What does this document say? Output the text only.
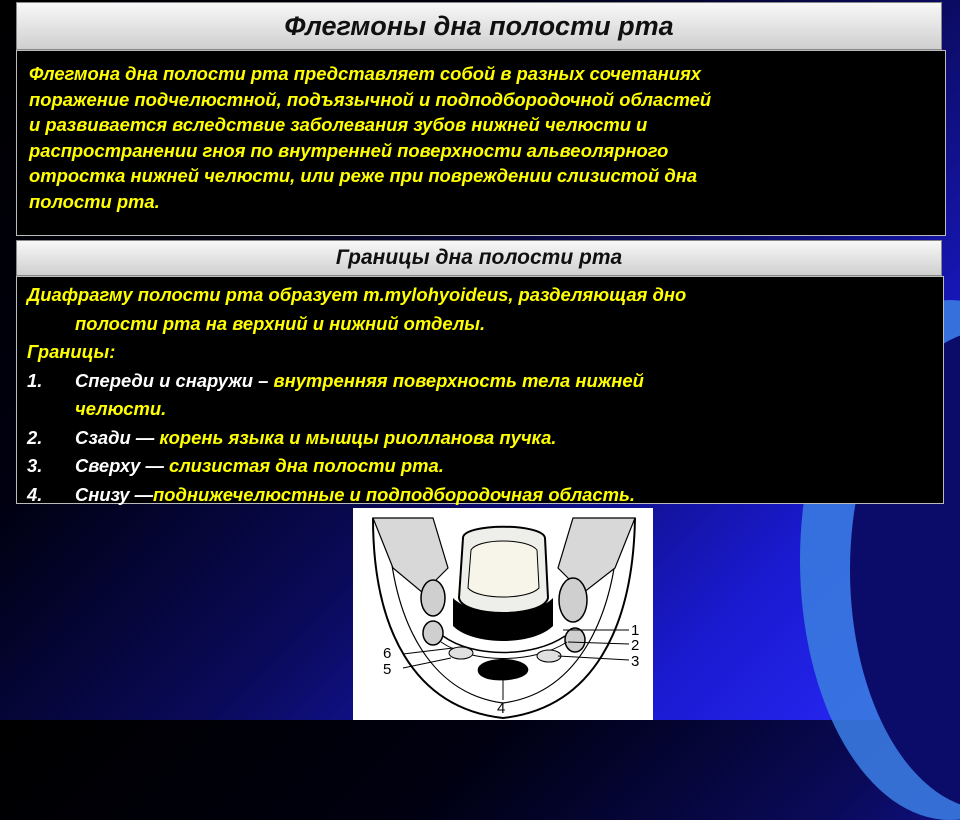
Флегмоны дна полости рта

Флегмона дна полости рта представляет собой в разных сочетаниях

поражение подчелюстной, подъязычной и подподбородочной областей

и развивается вследствие заболевания зубов нижней челюсти и

распространении гноя по внутренней поверхности альвеолярного

отростка нижней челюсти, или реже при повреждении слизистой дна

полости рта.

Границы дна полости рта
Диафрагму полости рта образует m.mylohyoideus, разделяющая дно
полости рта на верхний и нижний отделы.
Границы:
1.	Спереди и снаружи – внутренняя поверхность тела нижней
челюсти.
2.	Сзади — корень языка и мышцы риолланова пучка.
3.	Сверху — слизистая дна полости рта.
4.	Снизу —поднижечелюстные и подподбородочная область.
1
2
3
4
5
6
